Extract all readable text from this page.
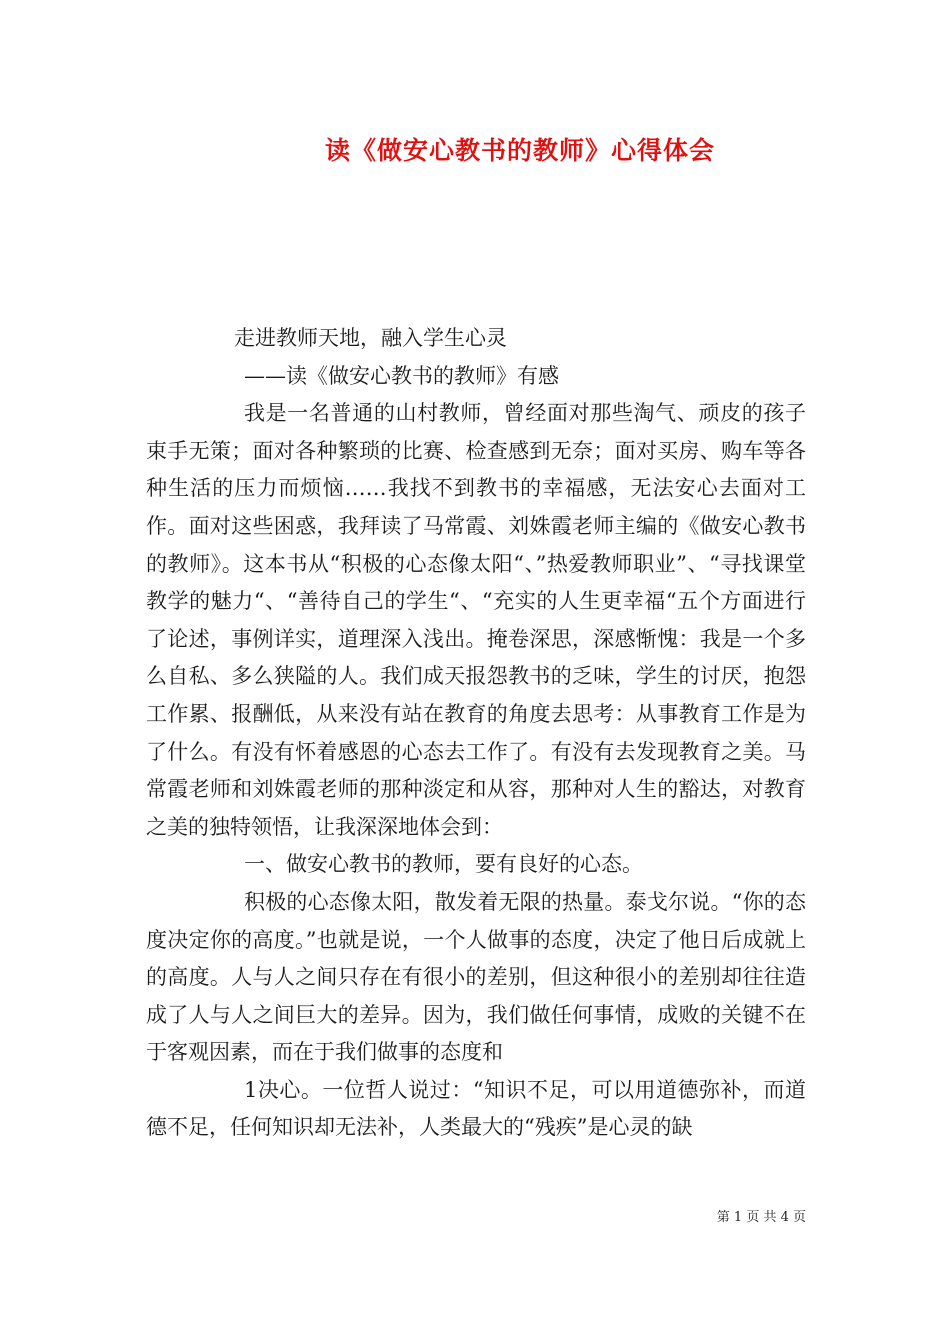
读《做安心教书的教师》心得体会

走进教师天地，融入学生心灵

——读《做安心教书的教师》有感

我是一名普通的山村教师，曾经面对那些淘气、顽皮的孩子束手无策；面对各种繁琐的比赛、检查感到无奈；面对买房、购车等各种生活的压力而烦恼……我找不到教书的幸福感，无法安心去面对工作。面对这些困惑，我拜读了马常霞、刘姝霞老师主编的《做安心教书的教师》。这本书从“积极的心态像太阳“、”热爱教师职业”、“寻找课堂教学的魅力“、“善待自己的学生“、“充实的人生更幸福“五个方面进行了论述，事例详实，道理深入浅出。掩卷深思，深感惭愧：我是一个多么自私、多么狭隘的人。我们成天报怨教书的乏味，学生的讨厌，抱怨工作累、报酬低，从来没有站在教育的角度去思考：从事教育工作是为了什么。有没有怀着感恩的心态去工作了。有没有去发现教育之美。马常霞老师和刘姝霞老师的那种淡定和从容，那种对人生的豁达，对教育之美的独特领悟，让我深深地体会到：

一、做安心教书的教师，要有良好的心态。

积极的心态像太阳，散发着无限的热量。泰戈尔说。“你的态度决定你的高度。”也就是说，一个人做事的态度，决定了他日后成就上的高度。人与人之间只存在有很小的差别，但这种很小的差别却往往造成了人与人之间巨大的差异。因为，我们做任何事情，成败的关键不在于客观因素，而在于我们做事的态度和

1决心。一位哲人说过：“知识不足，可以用道德弥补，而道德不足，任何知识却无法补，人类最大的“残疾”是心灵的缺

第 1 页 共 4 页
